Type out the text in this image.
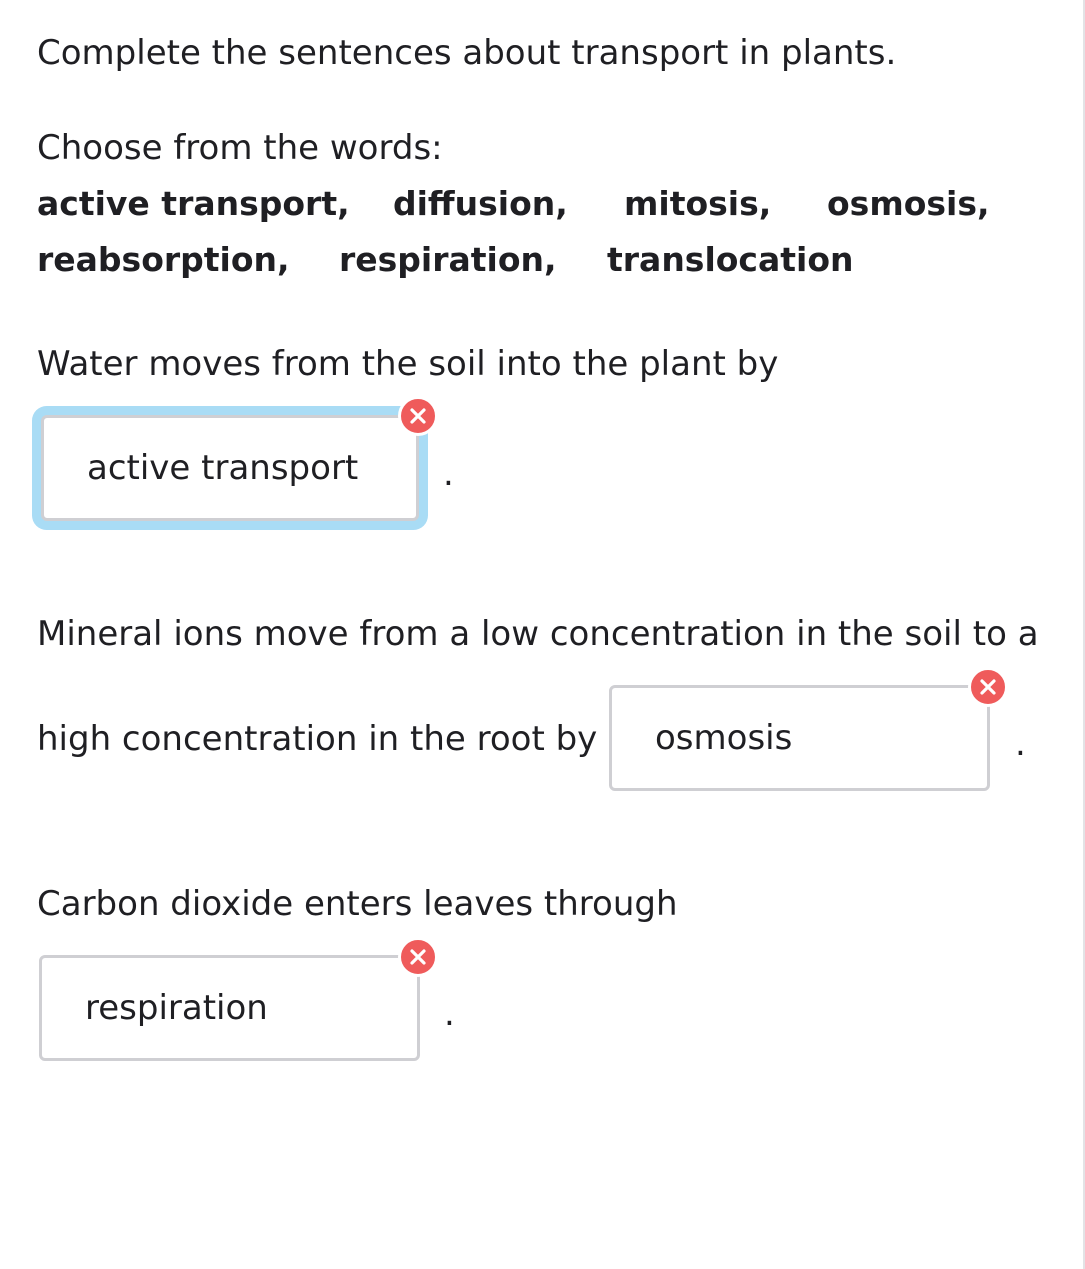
Complete the sentences about transport in plants.
Choose from the words:
active transport, diffusion, mitosis, osmosis,
reabsorption, respiration, translocation
Water moves from the soil into the plant by
active transport .
Mineral ions move from a low concentration in the soil to a
high concentration in the root by osmosis	.
Carbon dioxide enters leaves through
respiration	.
